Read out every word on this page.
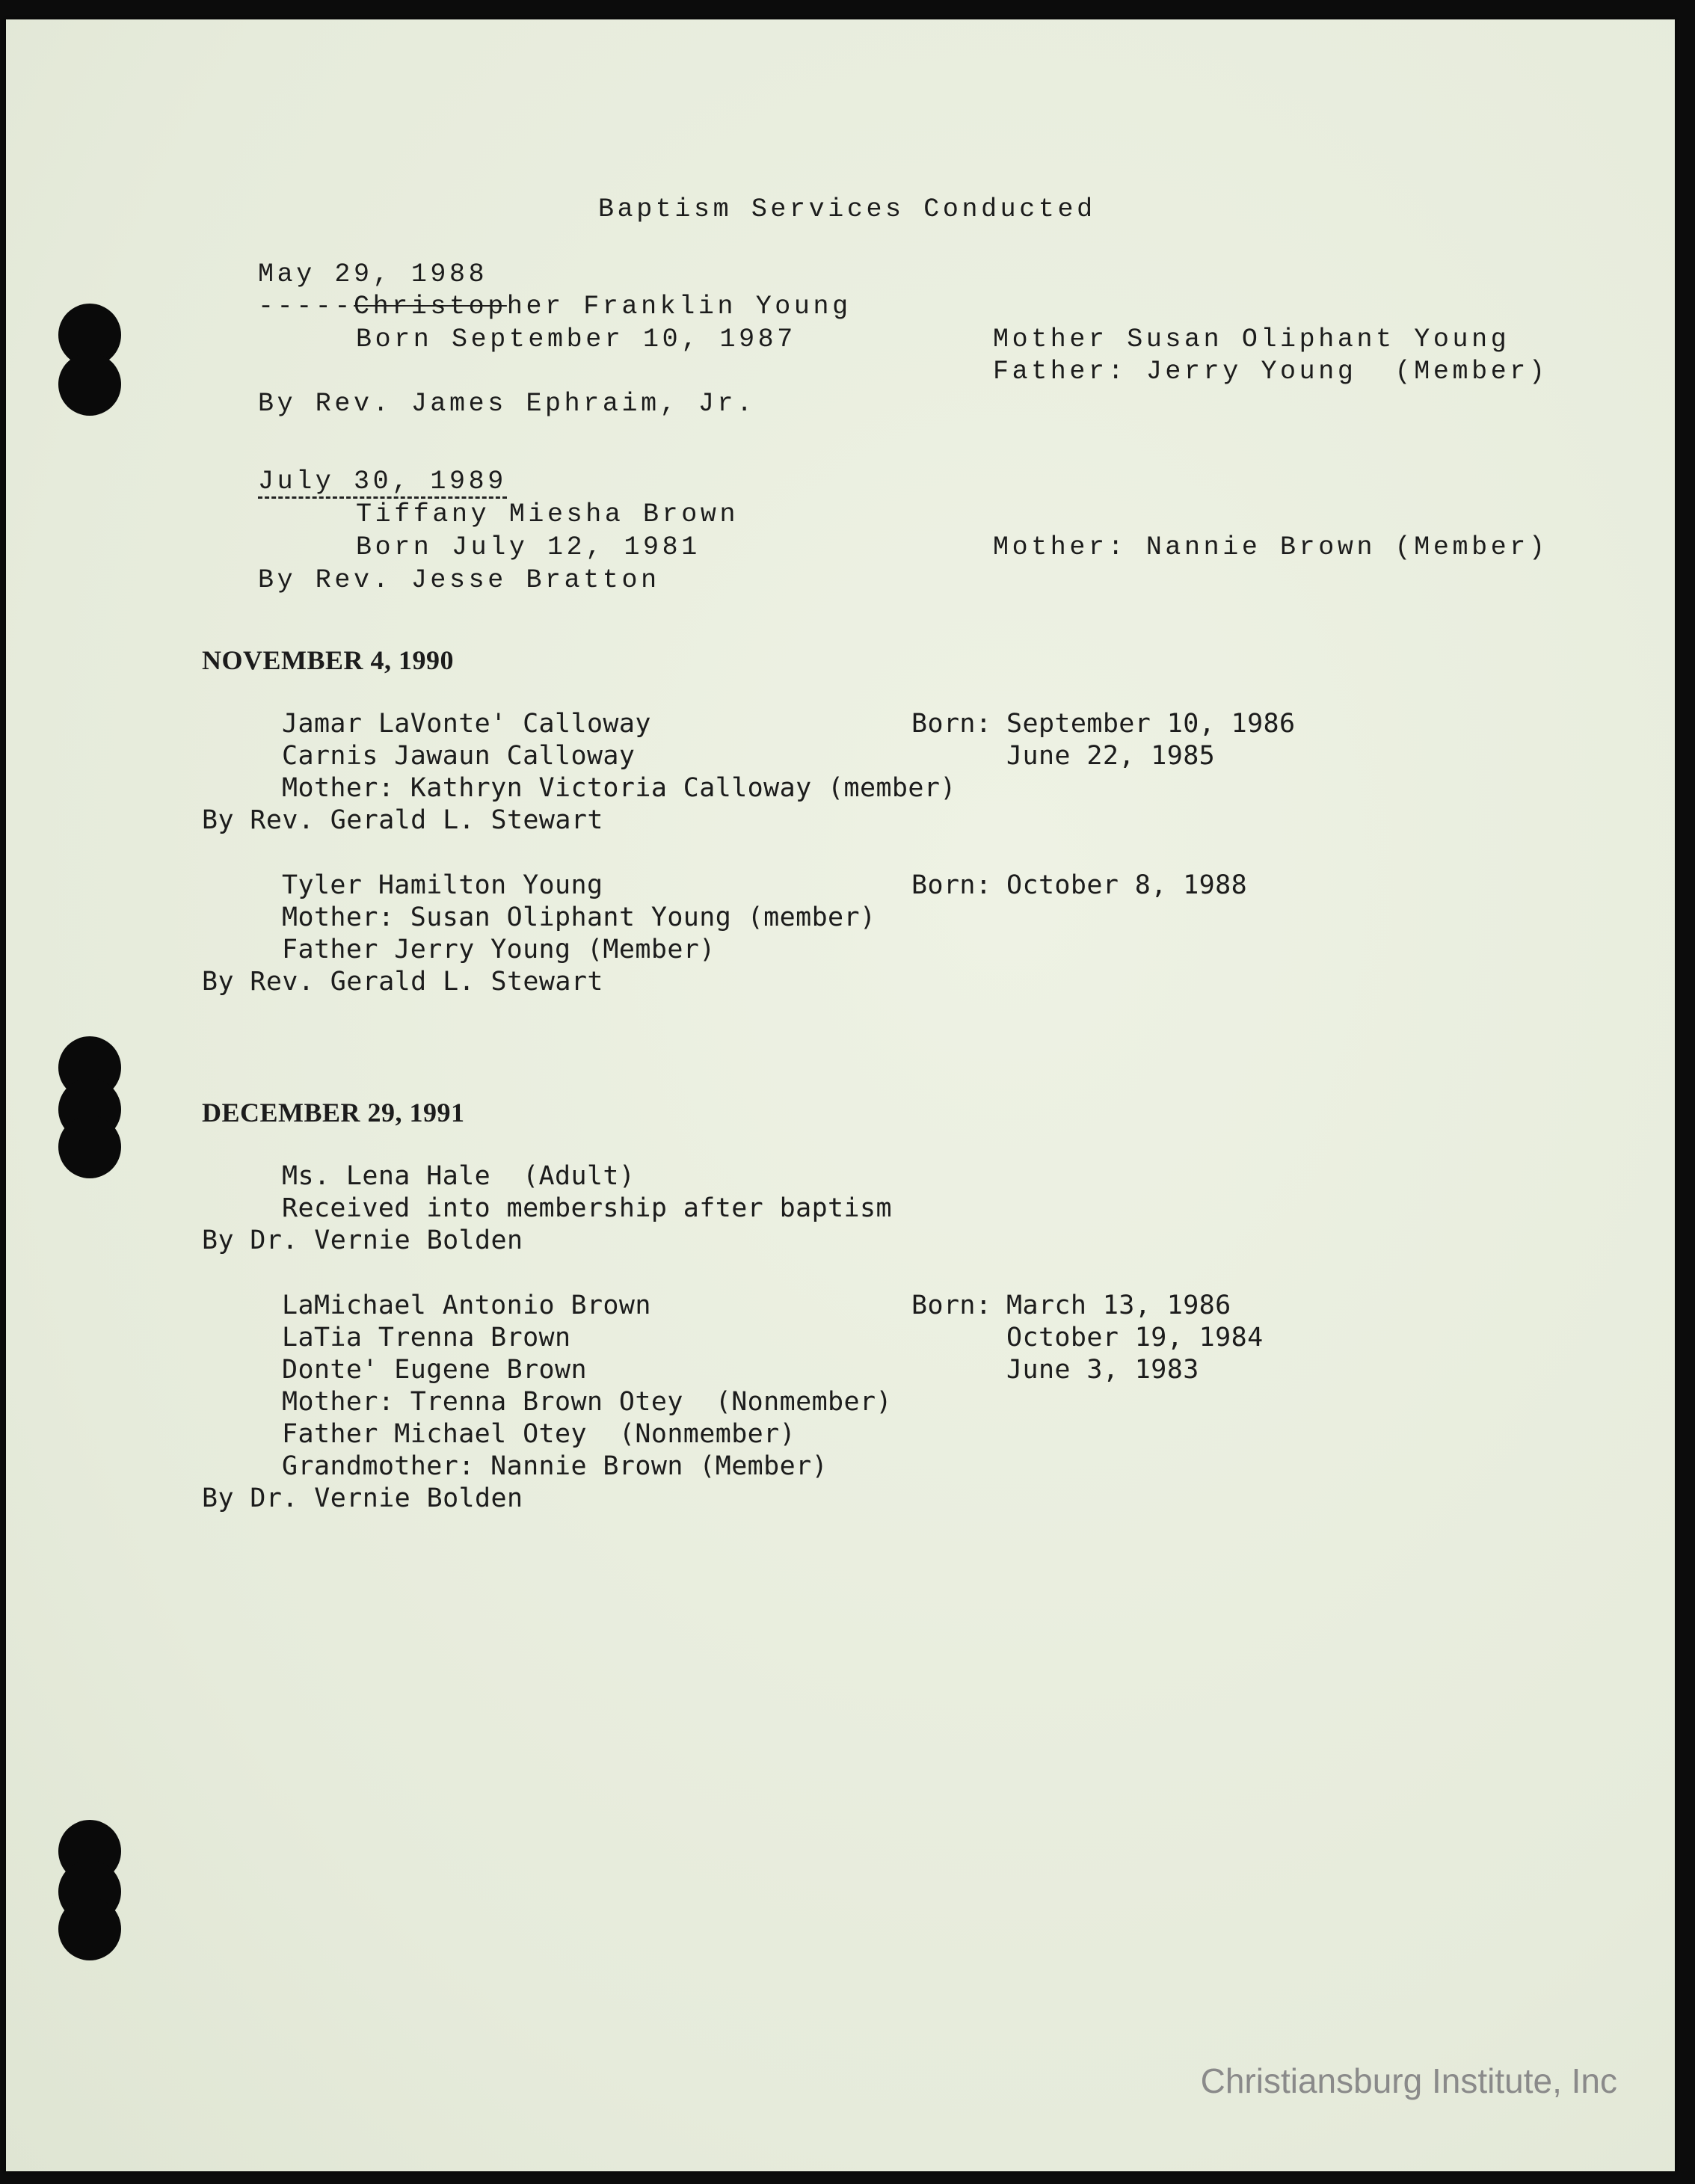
Baptism Services Conducted
May 29, 1988
-----Christopher Franklin Young
Born September 10, 1987	Mother Susan Oliphant Young
Father: Jerry Young  (Member)
By Rev. James Ephraim, Jr.
July 30, 1989
Tiffany Miesha Brown
Born July 12, 1981	Mother: Nannie Brown (Member)
By Rev. Jesse Bratton
NOVEMBER 4, 1990
Jamar LaVonte' Calloway	Born: September 10, 1986
Carnis Jawaun Calloway	June 22, 1985
Mother: Kathryn Victoria Calloway (member)
By Rev. Gerald L. Stewart
Tyler Hamilton Young	Born: October 8, 1988
Mother: Susan Oliphant Young (member)
Father Jerry Young (Member)
By Rev. Gerald L. Stewart
DECEMBER 29, 1991
Ms. Lena Hale  (Adult)
Received into membership after baptism
By Dr. Vernie Bolden
LaMichael Antonio Brown	Born: March 13, 1986
LaTia Trenna Brown	October 19, 1984
Donte' Eugene Brown	June 3, 1983
Mother: Trenna Brown Otey  (Nonmember)
Father Michael Otey  (Nonmember)
Grandmother: Nannie Brown (Member)
By Dr. Vernie Bolden
Christiansburg Institute, Inc
